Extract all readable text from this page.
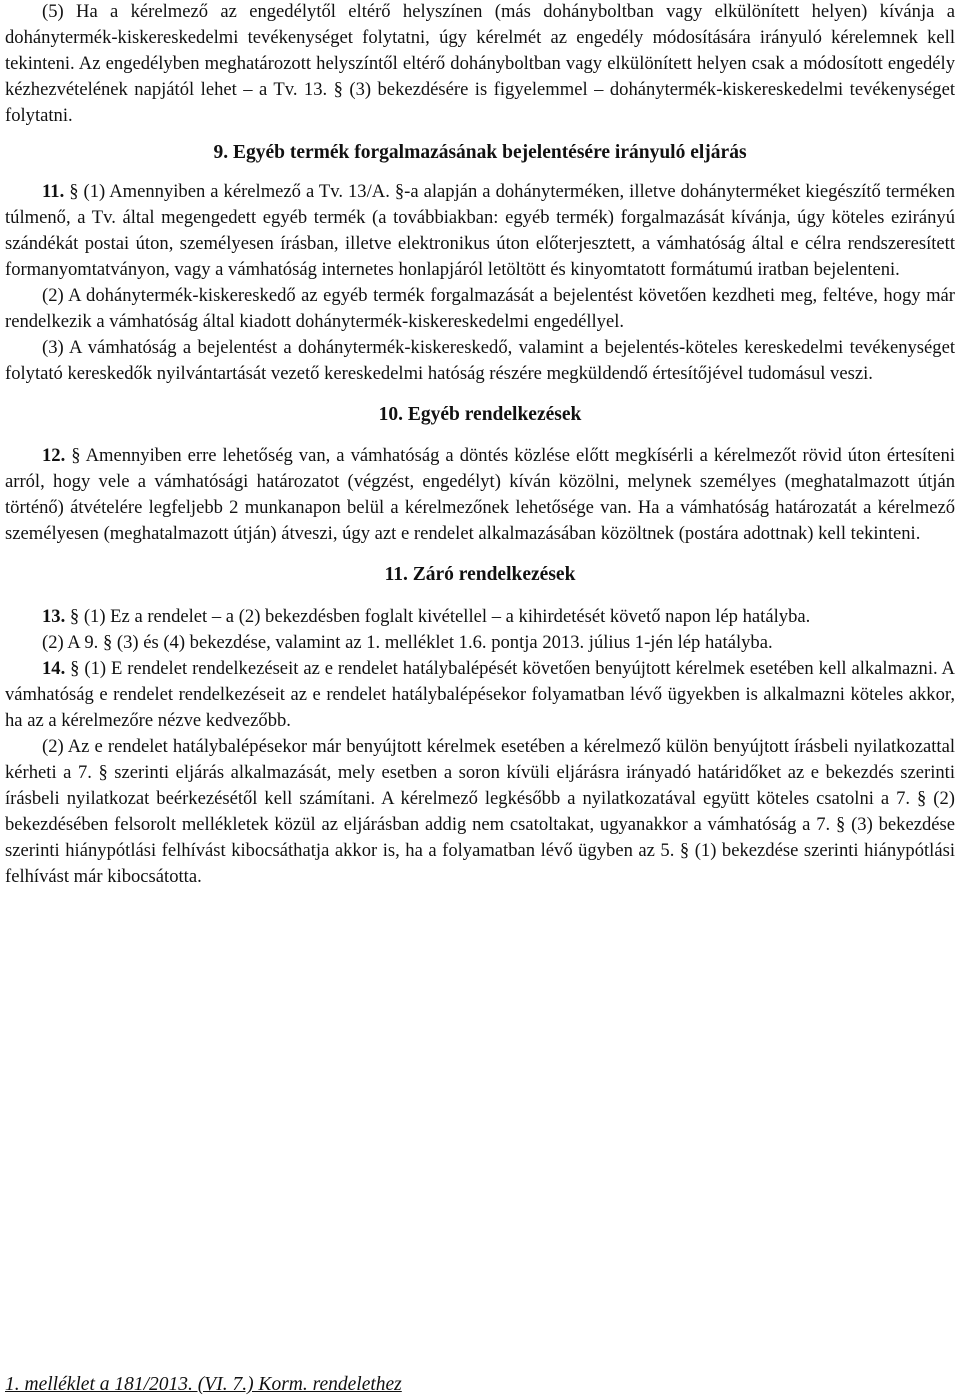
(5) Ha a kérelmező az engedélytől eltérő helyszínen (más dohányboltban vagy elkülönített helyen) kívánja a dohánytermék-kiskereskedelmi tevékenységet folytatni, úgy kérelmét az engedély módosítására irányuló kérelemnek kell tekinteni. Az engedélyben meghatározott helyszíntől eltérő dohányboltban vagy elkülönített helyen csak a módosított engedély kézhezvételének napjától lehet – a Tv. 13. § (3) bekezdésére is figyelemmel – dohánytermék-kiskereskedelmi tevékenységet folytatni.

9. Egyéb termék forgalmazásának bejelentésére irányuló eljárás

11. § (1) Amennyiben a kérelmező a Tv. 13/A. §-a alapján a dohányterméken, illetve dohányterméket kiegészítő terméken túlmenő, a Tv. által megengedett egyéb termék (a továbbiakban: egyéb termék) forgalmazását kívánja, úgy köteles ezirányú szándékát postai úton, személyesen írásban, illetve elektronikus úton előterjesztett, a vámhatóság által e célra rendszeresített formanyomtatványon, vagy a vámhatóság internetes honlapjáról letöltött és kinyomtatott formátumú iratban bejelenteni.

(2) A dohánytermék-kiskereskedő az egyéb termék forgalmazását a bejelentést követően kezdheti meg, feltéve, hogy már rendelkezik a vámhatóság által kiadott dohánytermék-kiskereskedelmi engedéllyel.

(3) A vámhatóság a bejelentést a dohánytermék-kiskereskedő, valamint a bejelentés-köteles kereskedelmi tevékenységet folytató kereskedők nyilvántartását vezető kereskedelmi hatóság részére megküldendő értesítőjével tudomásul veszi.

10. Egyéb rendelkezések

12. § Amennyiben erre lehetőség van, a vámhatóság a döntés közlése előtt megkísérli a kérelmezőt rövid úton értesíteni arról, hogy vele a vámhatósági határozatot (végzést, engedélyt) kíván közölni, melynek személyes (meghatalmazott útján történő) átvételére legfeljebb 2 munkanapon belül a kérelmezőnek lehetősége van. Ha a vámhatóság határozatát a kérelmező személyesen (meghatalmazott útján) átveszi, úgy azt e rendelet alkalmazásában közöltnek (postára adottnak) kell tekinteni.

11. Záró rendelkezések

13. § (1) Ez a rendelet – a (2) bekezdésben foglalt kivétellel – a kihirdetését követő napon lép hatályba.

(2) A 9. § (3) és (4) bekezdése, valamint az 1. melléklet 1.6. pontja 2013. július 1-jén lép hatályba.

14. § (1) E rendelet rendelkezéseit az e rendelet hatálybalépését követően benyújtott kérelmek esetében kell alkalmazni. A vámhatóság e rendelet rendelkezéseit az e rendelet hatálybalépésekor folyamatban lévő ügyekben is alkalmazni köteles akkor, ha az a kérelmezőre nézve kedvezőbb.

(2) Az e rendelet hatálybalépésekor már benyújtott kérelmek esetében a kérelmező külön benyújtott írásbeli nyilatkozattal kérheti a 7. § szerinti eljárás alkalmazását, mely esetben a soron kívüli eljárásra irányadó határidőket az e bekezdés szerinti írásbeli nyilatkozat beérkezésétől kell számítani. A kérelmező legkésőbb a nyilatkozatával együtt köteles csatolni a 7. § (2) bekezdésében felsorolt mellékletek közül az eljárásban addig nem csatoltakat, ugyanakkor a vámhatóság a 7. § (3) bekezdése szerinti hiánypótlási felhívást kibocsáthatja akkor is, ha a folyamatban lévő ügyben az 5. § (1) bekezdése szerinti hiánypótlási felhívást már kibocsátotta.

1. melléklet a 181/2013. (VI. 7.) Korm. rendelethez
